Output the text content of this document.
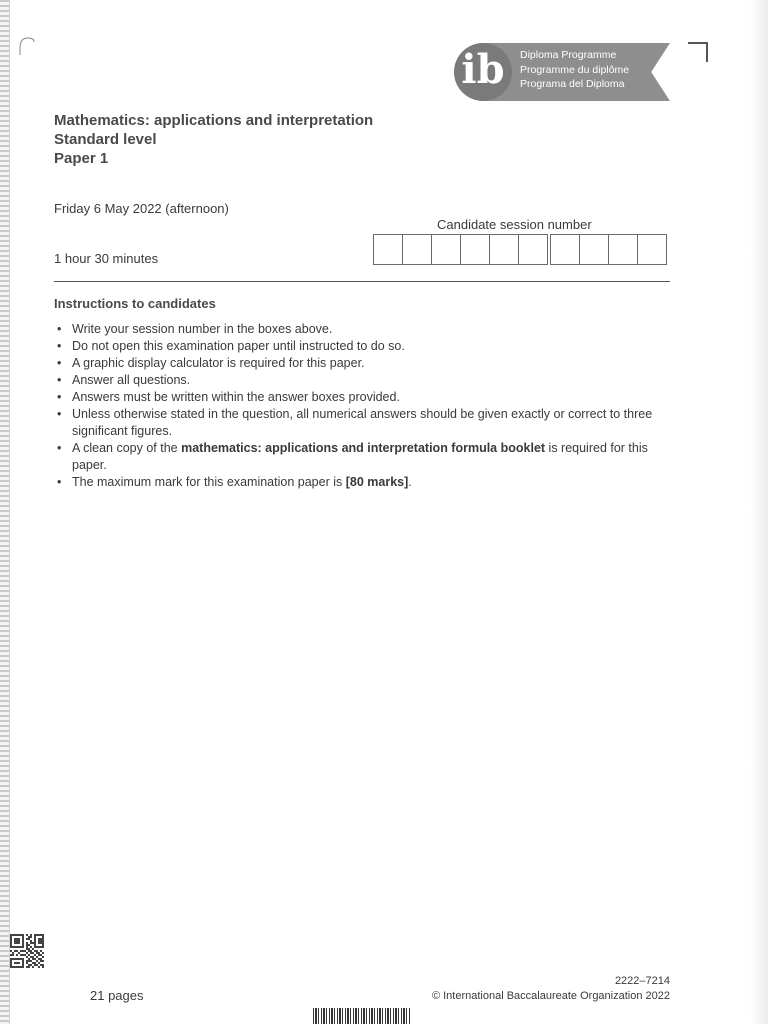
ib	Diploma Programme
Programme du diplôme
Programa del Diploma
Mathematics: applications and interpretation
Standard level
Paper 1
Friday 6 May 2022 (afternoon)
1 hour 30 minutes
Candidate session number
Instructions to candidates
• Write your session number in the boxes above.
• Do not open this examination paper until instructed to do so.
• A graphic display calculator is required for this paper.
• Answer all questions.
• Answers must be written within the answer boxes provided.
• Unless otherwise stated in the question, all numerical answers should be given exactly or correct to three significant figures.
• A clean copy of the mathematics: applications and interpretation formula booklet is required for this paper.
• The maximum mark for this examination paper is [80 marks].
21 pages
2222–7214
© International Baccalaureate Organization 2022
